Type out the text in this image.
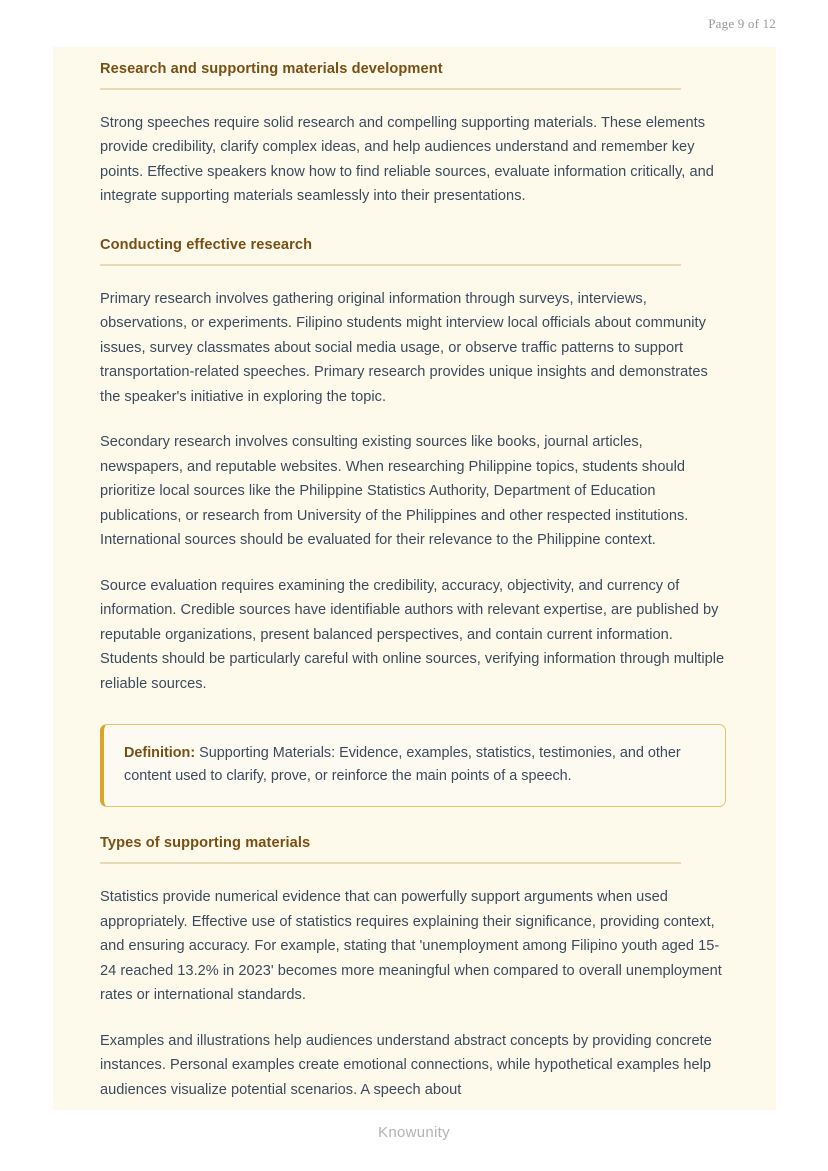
Page 9 of 12
Research and supporting materials development

Strong speeches require solid research and compelling supporting materials. These elements provide credibility, clarify complex ideas, and help audiences understand and remember key points. Effective speakers know how to find reliable sources, evaluate information critically, and integrate supporting materials seamlessly into their presentations.

Conducting effective research

Primary research involves gathering original information through surveys, interviews, observations, or experiments. Filipino students might interview local officials about community issues, survey classmates about social media usage, or observe traffic patterns to support transportation-related speeches. Primary research provides unique insights and demonstrates the speaker's initiative in exploring the topic.

Secondary research involves consulting existing sources like books, journal articles, newspapers, and reputable websites. When researching Philippine topics, students should prioritize local sources like the Philippine Statistics Authority, Department of Education publications, or research from University of the Philippines and other respected institutions. International sources should be evaluated for their relevance to the Philippine context.

Source evaluation requires examining the credibility, accuracy, objectivity, and currency of information. Credible sources have identifiable authors with relevant expertise, are published by reputable organizations, present balanced perspectives, and contain current information. Students should be particularly careful with online sources, verifying information through multiple reliable sources.

Definition: Supporting Materials: Evidence, examples, statistics, testimonies, and other content used to clarify, prove, or reinforce the main points of a speech.

Types of supporting materials

Statistics provide numerical evidence that can powerfully support arguments when used appropriately. Effective use of statistics requires explaining their significance, providing context, and ensuring accuracy. For example, stating that 'unemployment among Filipino youth aged 15-24 reached 13.2% in 2023' becomes more meaningful when compared to overall unemployment rates or international standards.

Examples and illustrations help audiences understand abstract concepts by providing concrete instances. Personal examples create emotional connections, while hypothetical examples help audiences visualize potential scenarios. A speech about

Knowunity
